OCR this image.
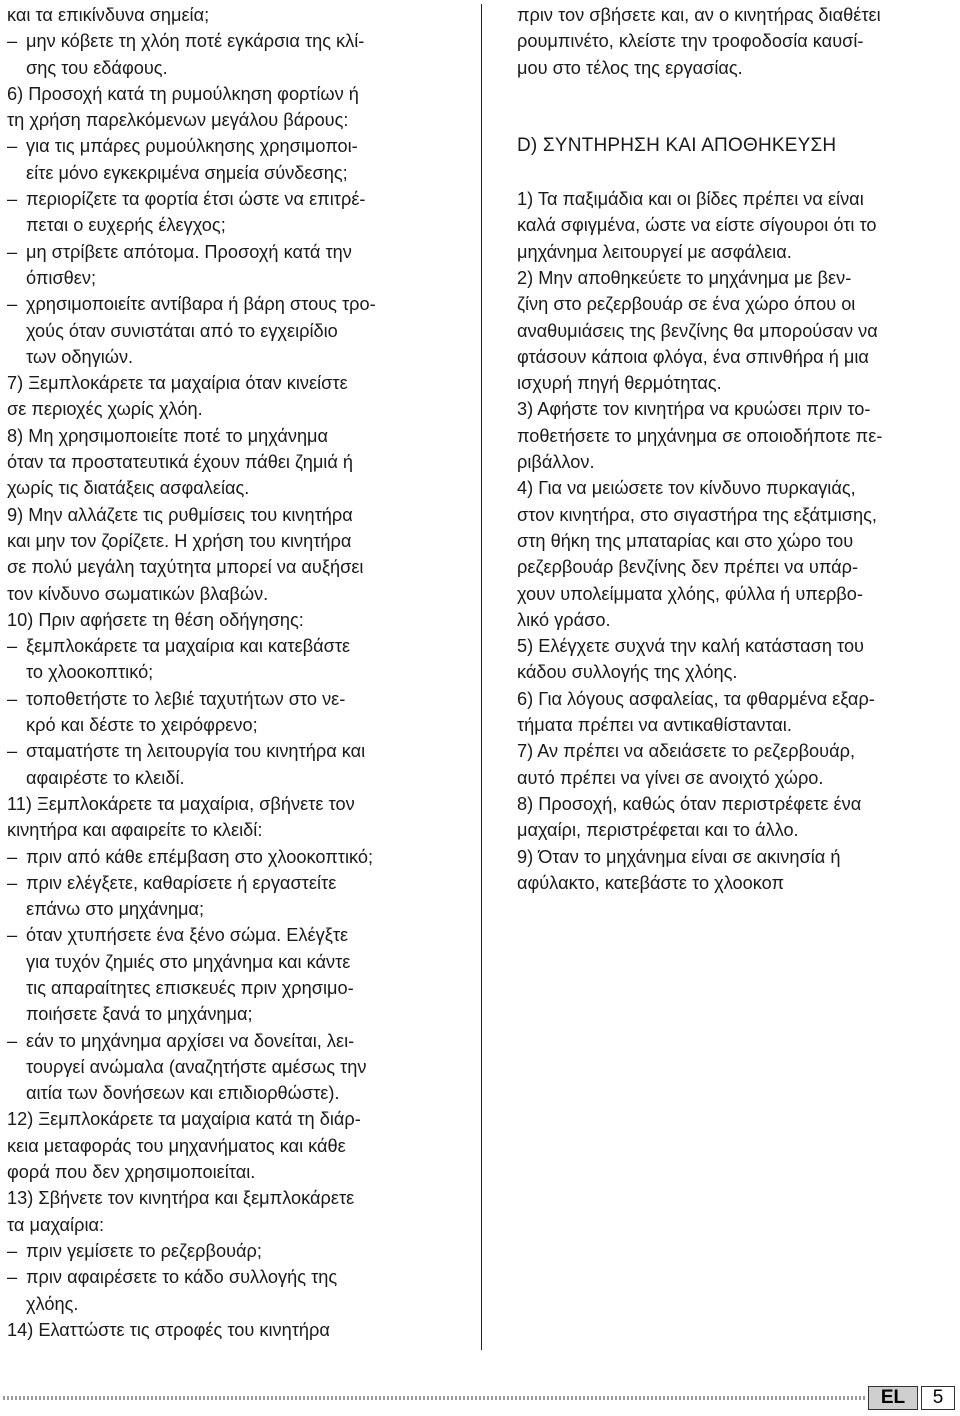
και τα επικίνδυνα σημεία;
– μην κόβετε τη χλόη ποτέ εγκάρσια της κλί-
σης του εδάφους.
6) Προσοχή κατά τη ρυμούλκηση φορτίων ή
τη χρήση παρελκόμενων μεγάλου βάρους:
– για τις μπάρες ρυμούλκησης χρησιμοποι-
είτε μόνο εγκεκριμένα σημεία σύνδεσης;
– περιορίζετε τα φορτία έτσι ώστε να επιτρέ-
πεται ο ευχερής έλεγχος;
– μη στρίβετε απότομα. Προσοχή κατά την
όπισθεν;
– χρησιμοποιείτε αντίβαρα ή βάρη στους τρο-
χούς όταν συνιστάται από το εγχειρίδιο
των οδηγιών.
7) Ξεμπλοκάρετε τα μαχαίρια όταν κινείστε
σε περιοχές χωρίς χλόη.
8) Μη χρησιμοποιείτε ποτέ το μηχάνημα
όταν τα προστατευτικά έχουν πάθει ζημιά ή
χωρίς τις διατάξεις ασφαλείας.
9) Μην αλλάζετε τις ρυθμίσεις του κινητήρα
και μην τον ζορίζετε. Η χρήση του κινητήρα
σε πολύ μεγάλη ταχύτητα μπορεί να αυξήσει
τον κίνδυνο σωματικών βλαβών.
10) Πριν αφήσετε τη θέση οδήγησης:
– ξεμπλοκάρετε τα μαχαίρια και κατεβάστε
το χλοοκοπτικό;
– τοποθετήστε το λεβιέ ταχυτήτων στο νε-
κρό και δέστε το χειρόφρενο;
– σταματήστε τη λειτουργία του κινητήρα και
αφαιρέστε το κλειδί.
11) Ξεμπλοκάρετε τα μαχαίρια, σβήνετε τον
κινητήρα και αφαιρείτε το κλειδί:
– πριν από κάθε επέμβαση στο χλοοκοπτικό;
– πριν ελέγξετε, καθαρίσετε ή εργαστείτε
επάνω στο μηχάνημα;
– όταν χτυπήσετε ένα ξένο σώμα. Ελέγξτε
για τυχόν ζημιές στο μηχάνημα και κάντε
τις απαραίτητες επισκευές πριν χρησιμο-
ποιήσετε ξανά το μηχάνημα;
– εάν το μηχάνημα αρχίσει να δονείται, λει-
τουργεί ανώμαλα (αναζητήστε αμέσως την
αιτία των δονήσεων και επιδιορθώστε).
12) Ξεμπλοκάρετε τα μαχαίρια κατά τη διάρ-
κεια μεταφοράς του μηχανήματος και κάθε
φορά που δεν χρησιμοποιείται.
13) Σβήνετε τον κινητήρα και ξεμπλοκάρετε
τα μαχαίρια:
– πριν γεμίσετε το ρεζερβουάρ;
– πριν αφαιρέσετε το κάδο συλλογής της
χλόης.
14) Ελαττώστε τις στροφές του κινητήρα
πριν τον σβήσετε και, αν ο κινητήρας διαθέτει
ρουμπινέτο, κλείστε την τροφοδοσία καυσί-
μου στο τέλος της εργασίας.
D) ΣΥΝΤΗΡΗΣΗ ΚΑΙ ΑΠΟΘΗΚΕΥΣΗ
1) Τα παξιμάδια και οι βίδες πρέπει να είναι
καλά σφιγμένα, ώστε να είστε σίγουροι ότι το
μηχάνημα λειτουργεί με ασφάλεια.
2) Μην αποθηκεύετε το μηχάνημα με βεν-
ζίνη στο ρεζερβουάρ σε ένα χώρο όπου οι
αναθυμιάσεις της βενζίνης θα μπορούσαν να
φτάσουν κάποια φλόγα, ένα σπινθήρα ή μια
ισχυρή πηγή θερμότητας.
3) Αφήστε τον κινητήρα να κρυώσει πριν το-
ποθετήσετε το μηχάνημα σε οποιοδήποτε πε-
ριβάλλον.
4) Για να μειώσετε τον κίνδυνο πυρκαγιάς,
στον κινητήρα, στο σιγαστήρα της εξάτμισης,
στη θήκη της μπαταρίας και στο χώρο του
ρεζερβουάρ βενζίνης δεν πρέπει να υπάρ-
χουν υπολείμματα χλόης, φύλλα ή υπερβο-
λικό γράσο.
5) Ελέγχετε συχνά την καλή κατάσταση του
κάδου συλλογής της χλόης.
6) Για λόγους ασφαλείας, τα φθαρμένα εξαρ-
τήματα πρέπει να αντικαθίστανται.
7) Αν πρέπει να αδειάσετε το ρεζερβουάρ,
αυτό πρέπει να γίνει σε ανοιχτό χώρο.
8) Προσοχή, καθώς όταν περιστρέφετε ένα
μαχαίρι, περιστρέφεται και το άλλο.
9) Όταν το μηχάνημα είναι σε ακινησία ή
αφύλακτο, κατεβάστε το χλοοκοπ
EL	5
